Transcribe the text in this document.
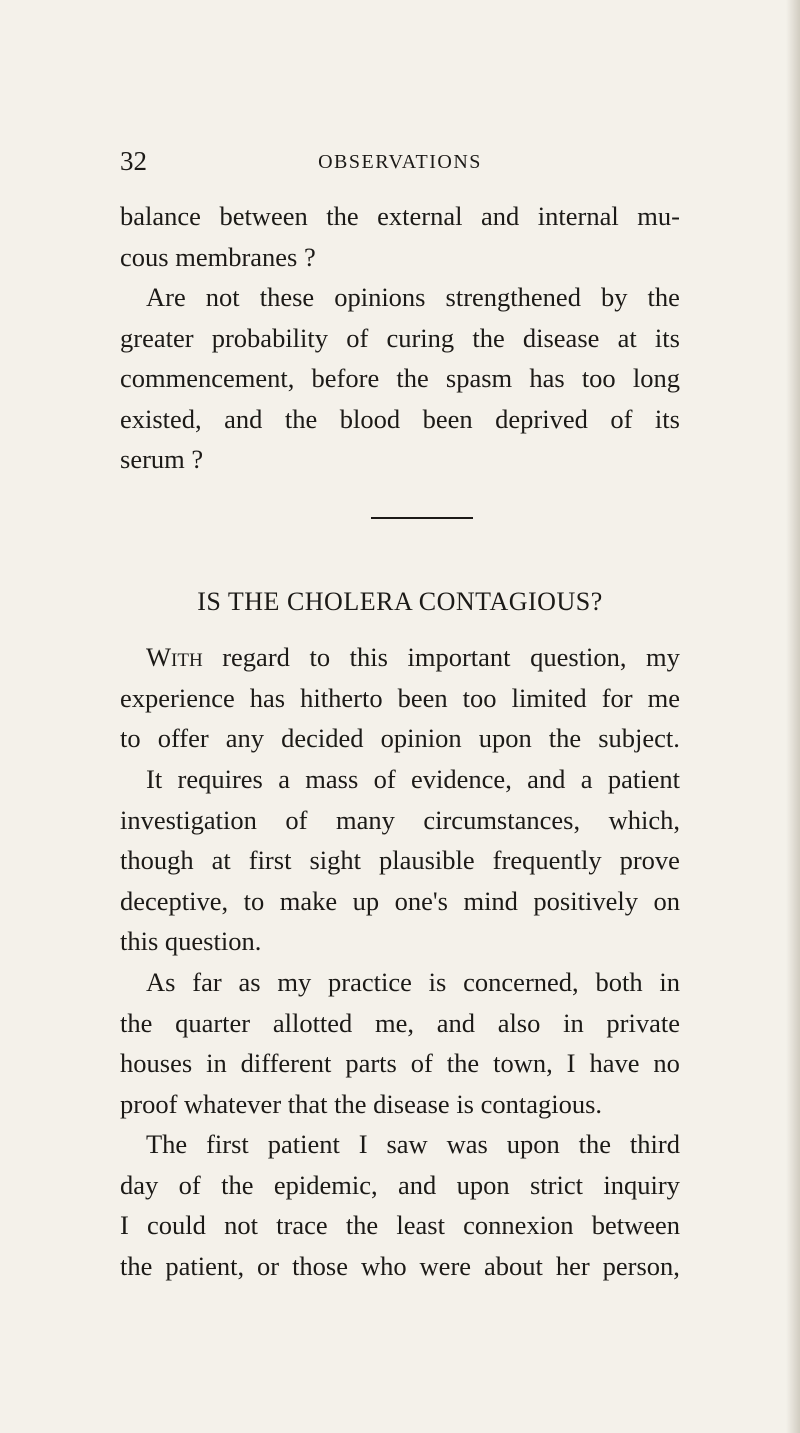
32	OBSERVATIONS
balance between the external and internal mu-
cous membranes ?
Are not these opinions strengthened by the
greater probability of curing the disease at its
commencement, before the spasm has too long
existed, and the blood been deprived of its
serum ?
IS THE CHOLERA CONTAGIOUS?
With regard to this important question, my
experience has hitherto been too limited for me
to offer any decided opinion upon the subject.
It requires a mass of evidence, and a patient
investigation of many circumstances, which,
though at first sight plausible frequently prove
deceptive, to make up one's mind positively on
this question.
As far as my practice is concerned, both in
the quarter allotted me, and also in private
houses in different parts of the town, I have no
proof whatever that the disease is contagious.
The first patient I saw was upon the third
day of the epidemic, and upon strict inquiry
I could not trace the least connexion between
the patient, or those who were about her person,
